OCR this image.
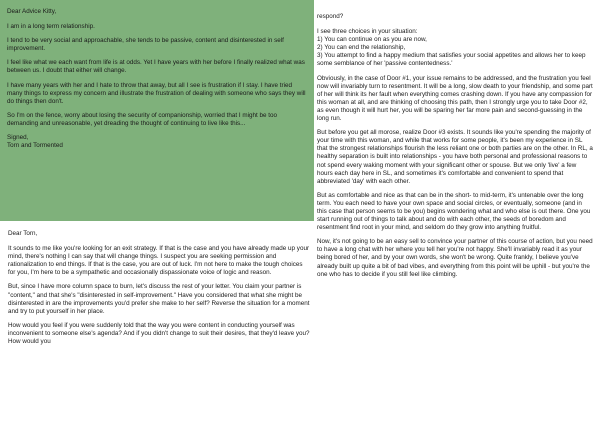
Dear Advice Kitty,

I am in a long term relationship.

I tend to be very social and approachable, she tends to be passive, content and disinterested in self improvement.

I feel like what we each want from life is at odds. Yet I have years with her before I finally realized what was between us. I doubt that either will change.

I have many years with her and I hate to throw that away, but all I see is frustration if I stay. I have tried many things to express my concern and illustrate the frustration of dealing with someone who says they will do things then don't.

So I'm on the fence, worry about losing the security of companionship, worried that I might be too demanding and unreasonable, yet dreading the thought of continuing to live like this...

Signed,

Torn and Tormented

Dear Torn,

It sounds to me like you're looking for an exit strategy. If that is the case and you have already made up your mind, there's nothing I can say that will change things. I suspect you are seeking permission and rationalization to end things. If that is the case, you are out of luck. I'm not here to make the tough choices for you, I'm here to be a sympathetic and occasionally dispassionate voice of logic and reason.

But, since I have more column space to burn, let's discuss the rest of your letter. You claim your partner is "content," and that she's "disinterested in self-improvement." Have you considered that what she might be disinterested in are the improvements you'd prefer she make to her self? Reverse the situation for a moment and try to put yourself in her place.

How would you feel if you were suddenly told that the way you were content in conducting yourself was inconvenient to someone else's agenda? And if you didn't change to suit their desires, that they'd leave you? How would you

respond?

I see three choices in your situation:

1) You can continue on as you are now,

2) You can end the relationship,

3) You attempt to find a happy medium that satisfies your social appetites and allows her to keep some semblance of her 'passive contentedness.'

Obviously, in the case of Door #1, your issue remains to be addressed, and the frustration you feel now will invariably turn to resentment. It will be a long, slow death to your friendship, and some part of her will think its her fault when everything comes crashing down. If you have any compassion for this woman at all, and are thinking of choosing this path, then I strongly urge you to take Door #2, as even though it will hurt her, you will be sparing her far more pain and second-guessing in the long run.

But before you get all morose, realize Door #3 exists. It sounds like you're spending the majority of your time with this woman, and while that works for some people, it's been my experience in SL that the strongest relationships flourish the less reliant one or both parties are on the other. In RL, a healthy separation is built into relationships - you have both personal and professional reasons to not spend every waking moment with your significant other or spouse. But we only 'live' a few hours each day here in SL, and sometimes it's comfortable and convenient to spend that abbreviated 'day' with each other.

But as comfortable and nice as that can be in the short- to mid-term, it's untenable over the long term. You each need to have your own space and social circles, or eventually, someone (and in this case that person seems to be you) begins wondering what and who else is out there. One you start running out of things to talk about and do with each other, the seeds of boredom and resentment find root in your mind, and seldom do they grow into anything fruitful.

Now, it's not going to be an easy sell to convince your partner of this course of action, but you need to have a long chat with her where you tell her you're not happy. She'll invariably read it as your being bored of her, and by your own words, she won't be wrong. Quite frankly, I believe you've already built up quite a bit of bad vibes, and everything from this point will be uphill - but you're the one who has to decide if you still feel like climbing.
